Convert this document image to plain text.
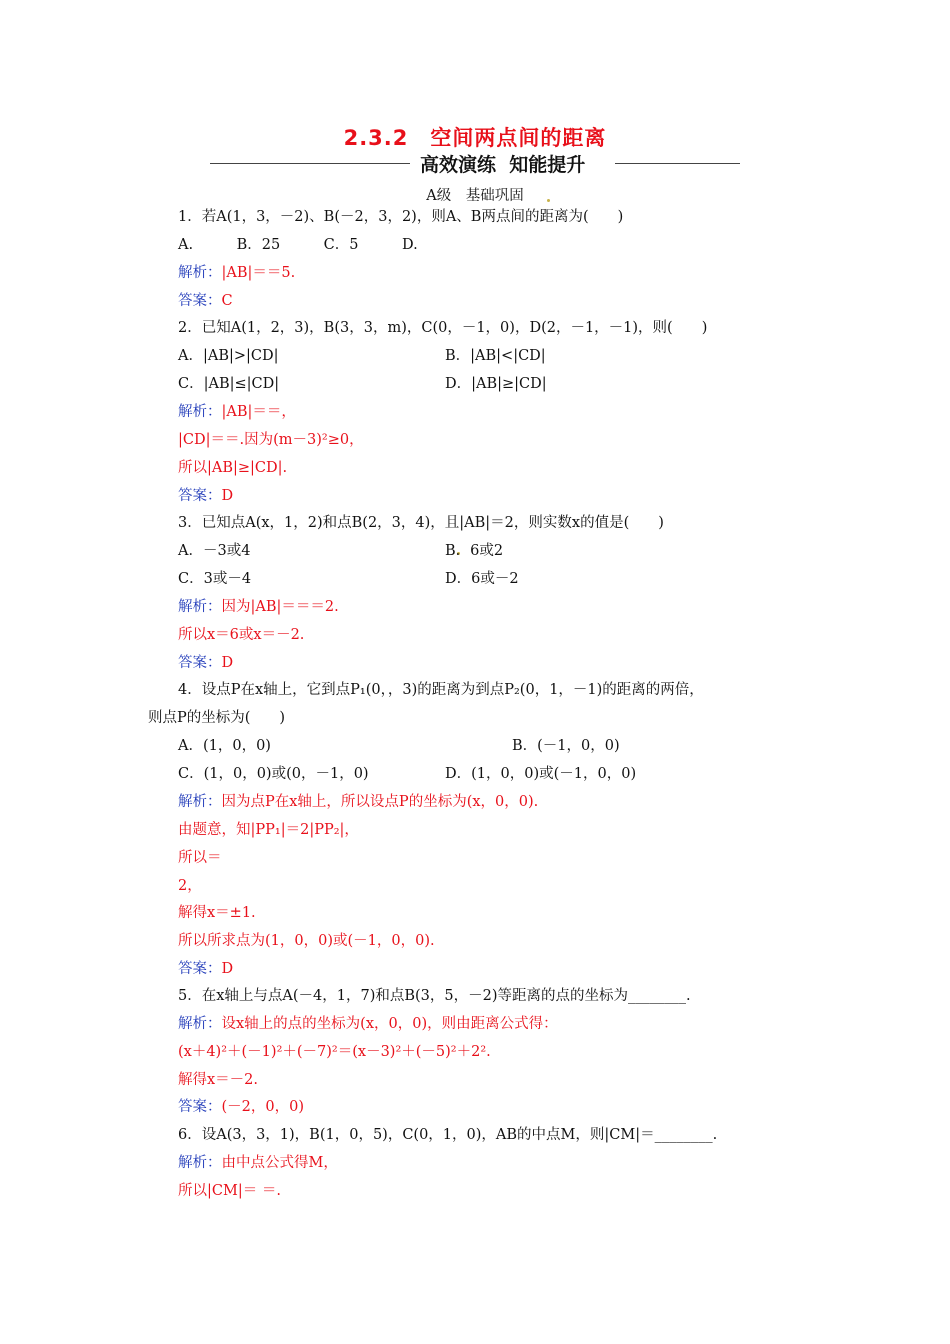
2.3.2　空间两点间的距离
高效演练  知能提升
A级　基础巩固
1．若A(1，3，－2)、B(－2，3，2)，则A、B两点间的距离为(　　)
A.　　　B．25　　　C．5　　　D.
解析：|AB|＝＝5.
答案：C
2．已知A(1，2，3)，B(3，3，m)，C(0，－1，0)，D(2，－1，－1)，则(　　)
A．|AB|>|CD|	B．|AB|<|CD|
C．|AB|≤|CD|	D．|AB|≥|CD|
解析：|AB|＝＝，
|CD|＝＝.因为(m－3)²≥0，
所以|AB|≥|CD|.
答案：D
3．已知点A(x，1，2)和点B(2，3，4)，且|AB|＝2，则实数x的值是(　　)
A．－3或4	B．6或2
C．3或－4	D．6或－2
解析：因为|AB|＝＝＝2.
所以x＝6或x＝－2.
答案：D
4．设点P在x轴上，它到点P₁(0，，3)的距离为到点P₂(0，1，－1)的距离的两倍，
则点P的坐标为(　　)
A．(1，0，0)	B．(－1，0，0)
C．(1，0，0)或(0，－1，0)	D．(1，0，0)或(－1，0，0)
解析：因为点P在x轴上，所以设点P的坐标为(x，0，0).
由题意，知|PP₁|＝2|PP₂|，
所以＝
2，
解得x＝±1.
所以所求点为(1，0，0)或(－1，0，0).
答案：D
5．在x轴上与点A(－4，1，7)和点B(3，5，－2)等距离的点的坐标为________.
解析：设x轴上的点的坐标为(x，0，0)，则由距离公式得：
(x＋4)²＋(－1)²＋(－7)²＝(x－3)²＋(－5)²＋2².
解得x＝－2.
答案：(－2，0，0)
6．设A(3，3，1)，B(1，0，5)，C(0，1，0)，AB的中点M，则|CM|＝________.
解析：由中点公式得M，
所以|CM|＝ ＝.
